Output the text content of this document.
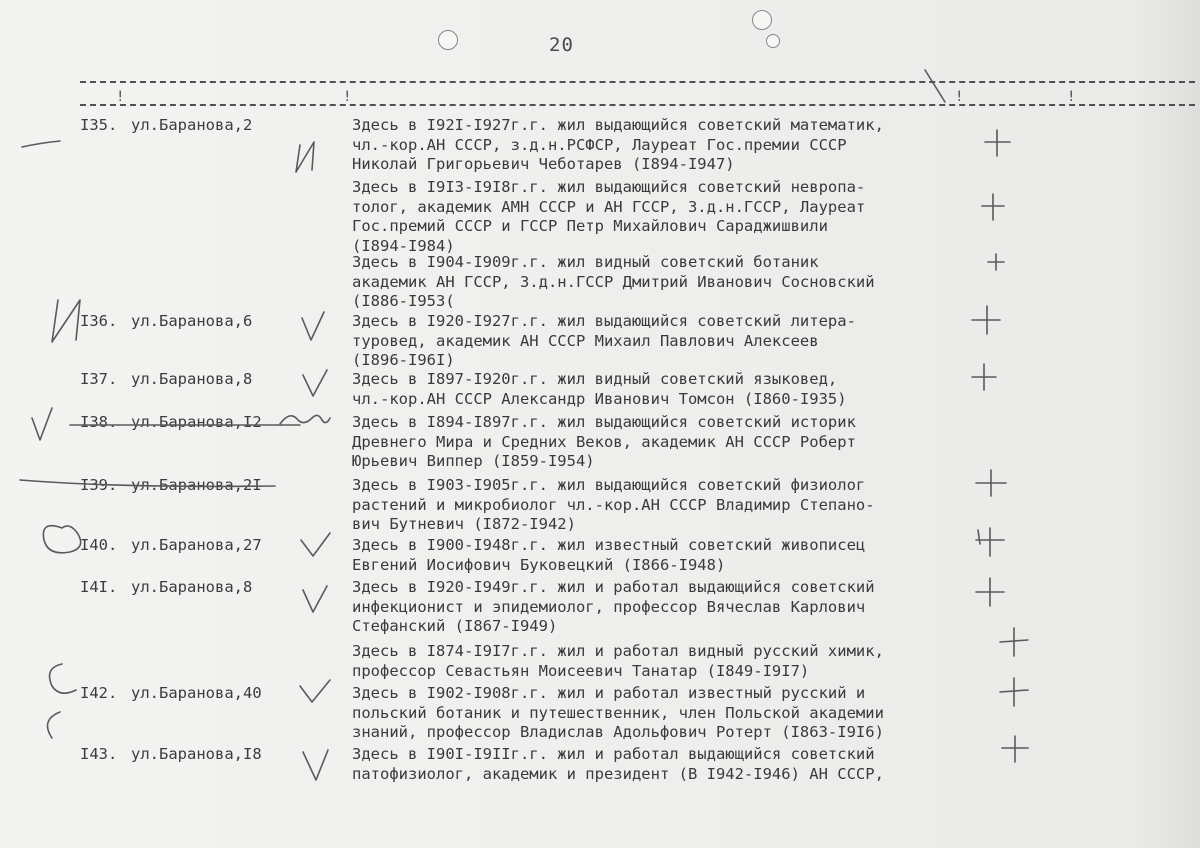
20
!	!	!	!
I35. ул.Баранова,2	Здесь в I92I-I927г.г. жил выдающийся советский математик,
чл.-кор.АН СССР, з.д.н.РСФСР, Лауреат Гос.премии СССР
Николай Григорьевич Чеботарев (I894-I947)
Здесь в I9I3-I9I8г.г. жил выдающийся советский невропа-
толог, академик АМН СССР и АН ГССР, З.д.н.ГССР, Лауреат
Гос.премий СССР и ГССР Петр Михайлович Сараджишвили
(I894-I984)
Здесь в I904-I909г.г. жил видный советский ботаник
академик АН ГССР, З.д.н.ГССР Дмитрий Иванович Сосновский
(I886-I953(
I36. ул.Баранова,6	Здесь в I920-I927г.г. жил выдающийся советский литера-
туровед, академик АН СССР Михаил Павлович Алексеев
(I896-I96I)
I37. ул.Баранова,8	Здесь в I897-I920г.г. жил видный советский языковед,
чл.-кор.АН СССР Александр Иванович Томсон (I860-I935)
I38. ул.Баранова,I2	Здесь в I894-I897г.г. жил выдающийся советский историк
Древнего Мира и Средних Веков, академик АН СССР Роберт
Юрьевич Виппер (I859-I954)
I39. ул.Баранова,2I	Здесь в I903-I905г.г. жил выдающийся советский физиолог
растений и микробиолог чл.-кор.АН СССР Владимир Степано-
вич Бутневич (I872-I942)
I40. ул.Баранова,27	Здесь в I900-I948г.г. жил известный советский живописец
Евгений Иосифович Буковецкий (I866-I948)
I4I. ул.Баранова,8	Здесь в I920-I949г.г. жил и работал выдающийся советский
инфекционист и эпидемиолог, профессор Вячеслав Карлович
Стефанский (I867-I949)
Здесь в I874-I9I7г.г. жил и работал видный русский химик,
профессор Севастьян Моисеевич Танатар (I849-I9I7)
I42. ул.Баранова,40	Здесь в I902-I908г.г. жил и работал известный русский и
польский ботаник и путешественник, член Польской академии
знаний, профессор Владислав Адольфович Ротерт (I863-I9I6)
I43. ул.Баранова,I8	Здесь в I90I-I9IIг.г. жил и работал выдающийся советский
патофизиолог, академик и президент (В I942-I946) АН СССР,
